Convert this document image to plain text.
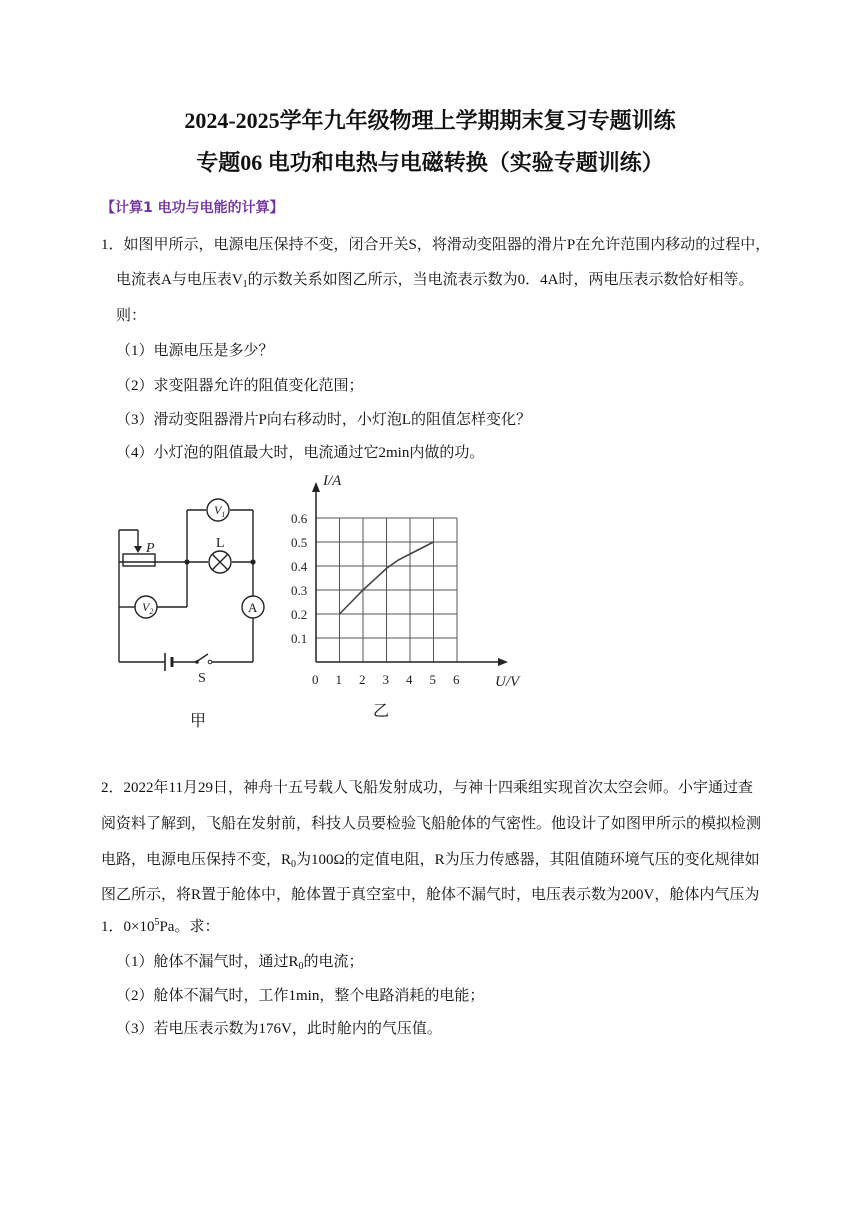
2024-2025学年九年级物理上学期期末复习专题训练
专题06 电功和电热与电磁转换（实验专题训练）
【计算1 电功与电能的计算】
1．如图甲所示，电源电压保持不变，闭合开关S，将滑动变阻器的滑片P在允许范围内移动的过程中，
电流表A与电压表$V_1$的示数关系如图乙所示，当电流表示数为0．4A时，两电压表示数恰好相等。
则：
（1）电源电压是多少？
（2）求变阻器允许的阻值变化范围；
（3）滑动变阻器滑片P向右移动时，小灯泡L的阻值怎样变化？
（4）小灯泡的阻值最大时，电流通过它2min内做的功。
$V_1$
$V_2$	A
P	L
S
甲
0 1 2 3 4 5 6
0.1
0.2
0.3
0.4
0.5
0.6
I/A
U/V
乙
2．2022年11月29日，神舟十五号载人飞船发射成功，与神十四乘组实现首次太空会师。小宇通过查
阅资料了解到，飞船在发射前，科技人员要检验飞船舱体的气密性。他设计了如图甲所示的模拟检测
电路，电源电压保持不变，$R_0$为100Ω的定值电阻，R为压力传感器，其阻值随环境气压的变化规律如
图乙所示，将R置于舱体中，舱体置于真空室中，舱体不漏气时，电压表示数为200V，舱体内气压为
1．$0\times 10^5Pa$。求：
（1）舱体不漏气时，通过$R_0$的电流；
（2）舱体不漏气时，工作1min，整个电路消耗的电能；
（3）若电压表示数为176V，此时舱内的气压值。
